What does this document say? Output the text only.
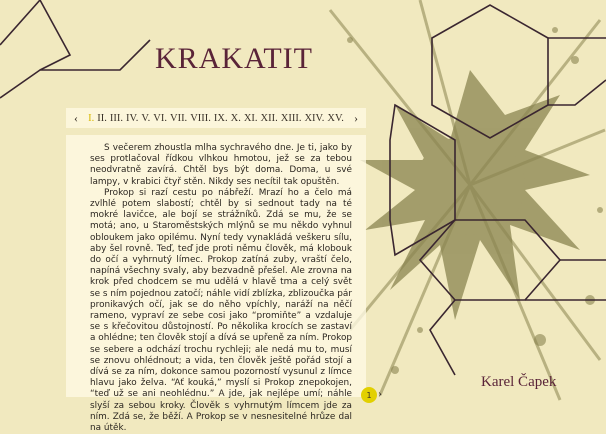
KRAKATIT
‹ I. II. III. IV. V. VI. VII. VIII. IX. X. XI. XII. XIII. XIV. XV. ›

S večerem zhoustla mlha sychravého dne. Je ti, jako by ses protlačoval řídkou vlhkou hmotou, jež se za tebou neodvratně zavírá. Chtěl bys být doma. Doma, u své lampy, v krabici čtyř stěn. Nikdy ses necítil tak opuštěn.

Prokop si razí cestu po nábřeží. Mrazí ho a čelo má zvlhlé potem slabostí; chtěl by si sednout tady na té mokré lavičce, ale bojí se strážníků. Zdá se mu, že se motá; ano, u Staroměstských mlýnů se mu někdo vyhnul obloukem jako opilému. Nyní tedy vynakládá veškeru sílu, aby šel rovně. Teď, teď jde proti němu člověk, má klobouk do očí a vyhrnutý límec. Prokop zatíná zuby, vraští čelo, napíná všechny svaly, aby bezvadně přešel. Ale zrovna na krok před chodcem se mu udělá v hlavě tma a celý svět se s ním pojednou zatočí; náhle vidí zblízka, zblizoučka pár pronikavých očí, jak se do něho vpíchly, naráží na něčí rameno, vypraví ze sebe cosi jako “promiňte” a vzdaluje se s křečovitou důstojností. Po několika krocích se zastaví a ohlédne; ten člověk stojí a dívá se upřeně za ním. Prokop se sebere a odchází trochu rychleji; ale nedá mu to, musí se znovu ohlédnout; a vida, ten člověk ještě pořád stojí a dívá se za ním, dokonce samou pozorností vysunul z límce hlavu jako želva. “Ať kouká,” myslí si Prokop znepokojen, “teď už se ani neohlédnu.” A jde, jak nejlépe umí; náhle slyší za sebou kroky. Člověk s vyhrnutým límcem jde za ním. Zdá se, že běží. A Prokop se v nesnesitelné hrůze dal na útěk.

Karel Čapek
1 ›
